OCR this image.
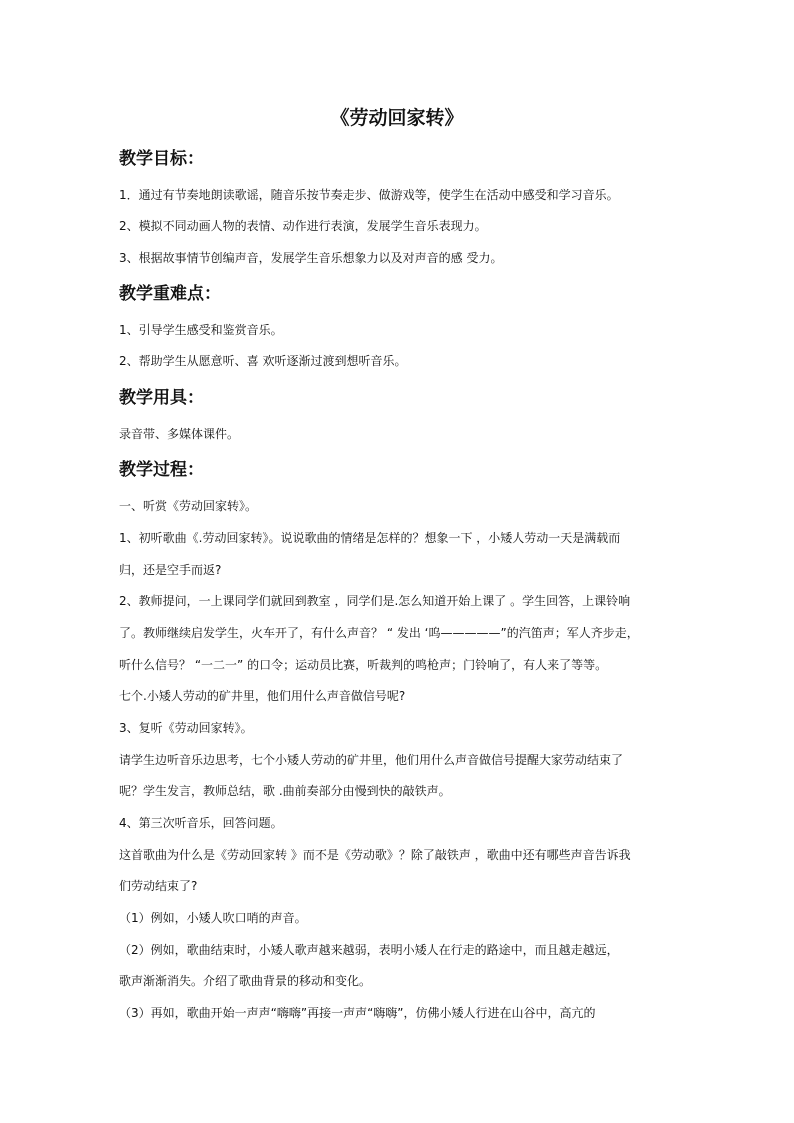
《劳动回家转》
教学目标：
1．通过有节奏地朗读歌谣，随音乐按节奏走步、做游戏等，使学生在活动中感受和学习音乐。
2、模拟不同动画人物的表情、动作进行表演，发展学生音乐表现力。
3、根据故事情节创编声音，发展学生音乐想象力以及对声音的感 受力。
教学重难点：
1、引导学生感受和鉴赏音乐。
2、帮助学生从愿意听、喜 欢听逐渐过渡到想听音乐。
教学用具：
录音带、多媒体课件。
教学过程：
一、听赏《劳动回家转》。
1、初听歌曲《.劳动回家转》。说说歌曲的情绪是怎样的？想象一下 ，小矮人劳动一天是满载而
归，还是空手而返?
2、教师提问，一上课同学们就回到教室 ，同学们是.怎么知道开始上课了 。学生回答，上课铃响
了。教师继续启发学生，火车开了，有什么声音？ “ 发出 ‘呜—————”的汽笛声；军人齐步走，
听什么信号？ “一二一” 的口令；运动员比赛，听裁判的鸣枪声；门铃响了，有人来了等等。
七个.小矮人劳动的矿井里，他们用什么声音做信号呢?
3、复听《劳动回家转》。
请学生边听音乐边思考，七个小矮人劳动的矿井里，他们用什么声音做信号提醒大家劳动结束了
呢？学生发言，教师总结，歌 .曲前奏部分由慢到快的敲铁声。
4、第三次听音乐，回答问题。
这首歌曲为什么是《劳动回家转 》而不是《劳动歌》？除了敲铁声 ，歌曲中还有哪些声音告诉我
们劳动结束了?
（1）例如，小矮人吹口哨的声音。
（2）例如，歌曲结束时，小矮人歌声越来越弱，表明小矮人在行走的路途中，而且越走越远，
歌声渐渐消失。介绍了歌曲背景的移动和变化。
（3）再如，歌曲开始一声声“嗨嗨”再接一声声“嗨嗨”，仿佛小矮人行进在山谷中，高亢的
